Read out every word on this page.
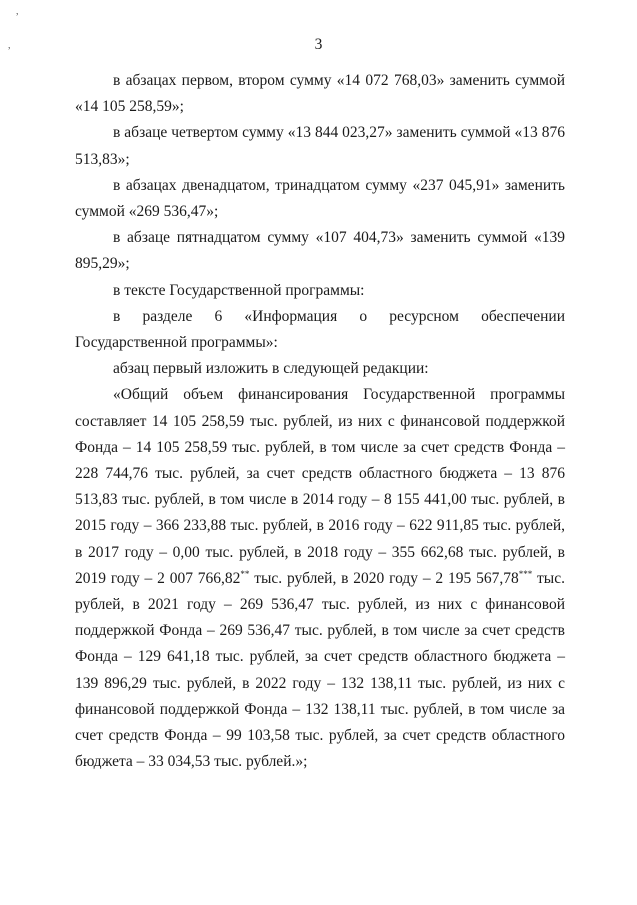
,
,	3

в абзацах первом, втором сумму «14 072 768,03» заменить суммой «14 105 258,59»;

в абзаце четвертом сумму «13 844 023,27» заменить суммой «13 876 513,83»;

в абзацах двенадцатом, тринадцатом сумму «237 045,91» заменить суммой «269 536,47»;

в абзаце пятнадцатом сумму «107 404,73» заменить суммой «139 895,29»;

в тексте Государственной программы:

в разделе 6 «Информация о ресурсном обеспечении Государственной программы»:

абзац первый изложить в следующей редакции:

«Общий объем финансирования Государственной программы составляет 14 105 258,59 тыс. рублей, из них с финансовой поддержкой Фонда – 14 105 258,59 тыс. рублей, в том числе за счет средств Фонда – 228 744,76 тыс. рублей, за счет средств областного бюджета – 13 876 513,83 тыс. рублей, в том числе в 2014 году – 8 155 441,00 тыс. рублей, в 2015 году – 366 233,88 тыс. рублей, в 2016 году – 622 911,85 тыс. рублей, в 2017 году – 0,00 тыс. рублей, в 2018 году – 355 662,68 тыс. рублей, в 2019 году – 2 007 766,82** тыс. рублей, в 2020 году – 2 195 567,78*** тыс. рублей, в 2021 году – 269 536,47 тыс. рублей, из них с финансовой поддержкой Фонда – 269 536,47 тыс. рублей, в том числе за счет средств Фонда – 129 641,18 тыс. рублей, за счет средств областного бюджета – 139 896,29 тыс. рублей, в 2022 году – 132 138,11 тыс. рублей, из них с финансовой поддержкой Фонда – 132 138,11 тыс. рублей, в том числе за счет средств Фонда – 99 103,58 тыс. рублей, за счет средств областного бюджета – 33 034,53 тыс. рублей.»;
